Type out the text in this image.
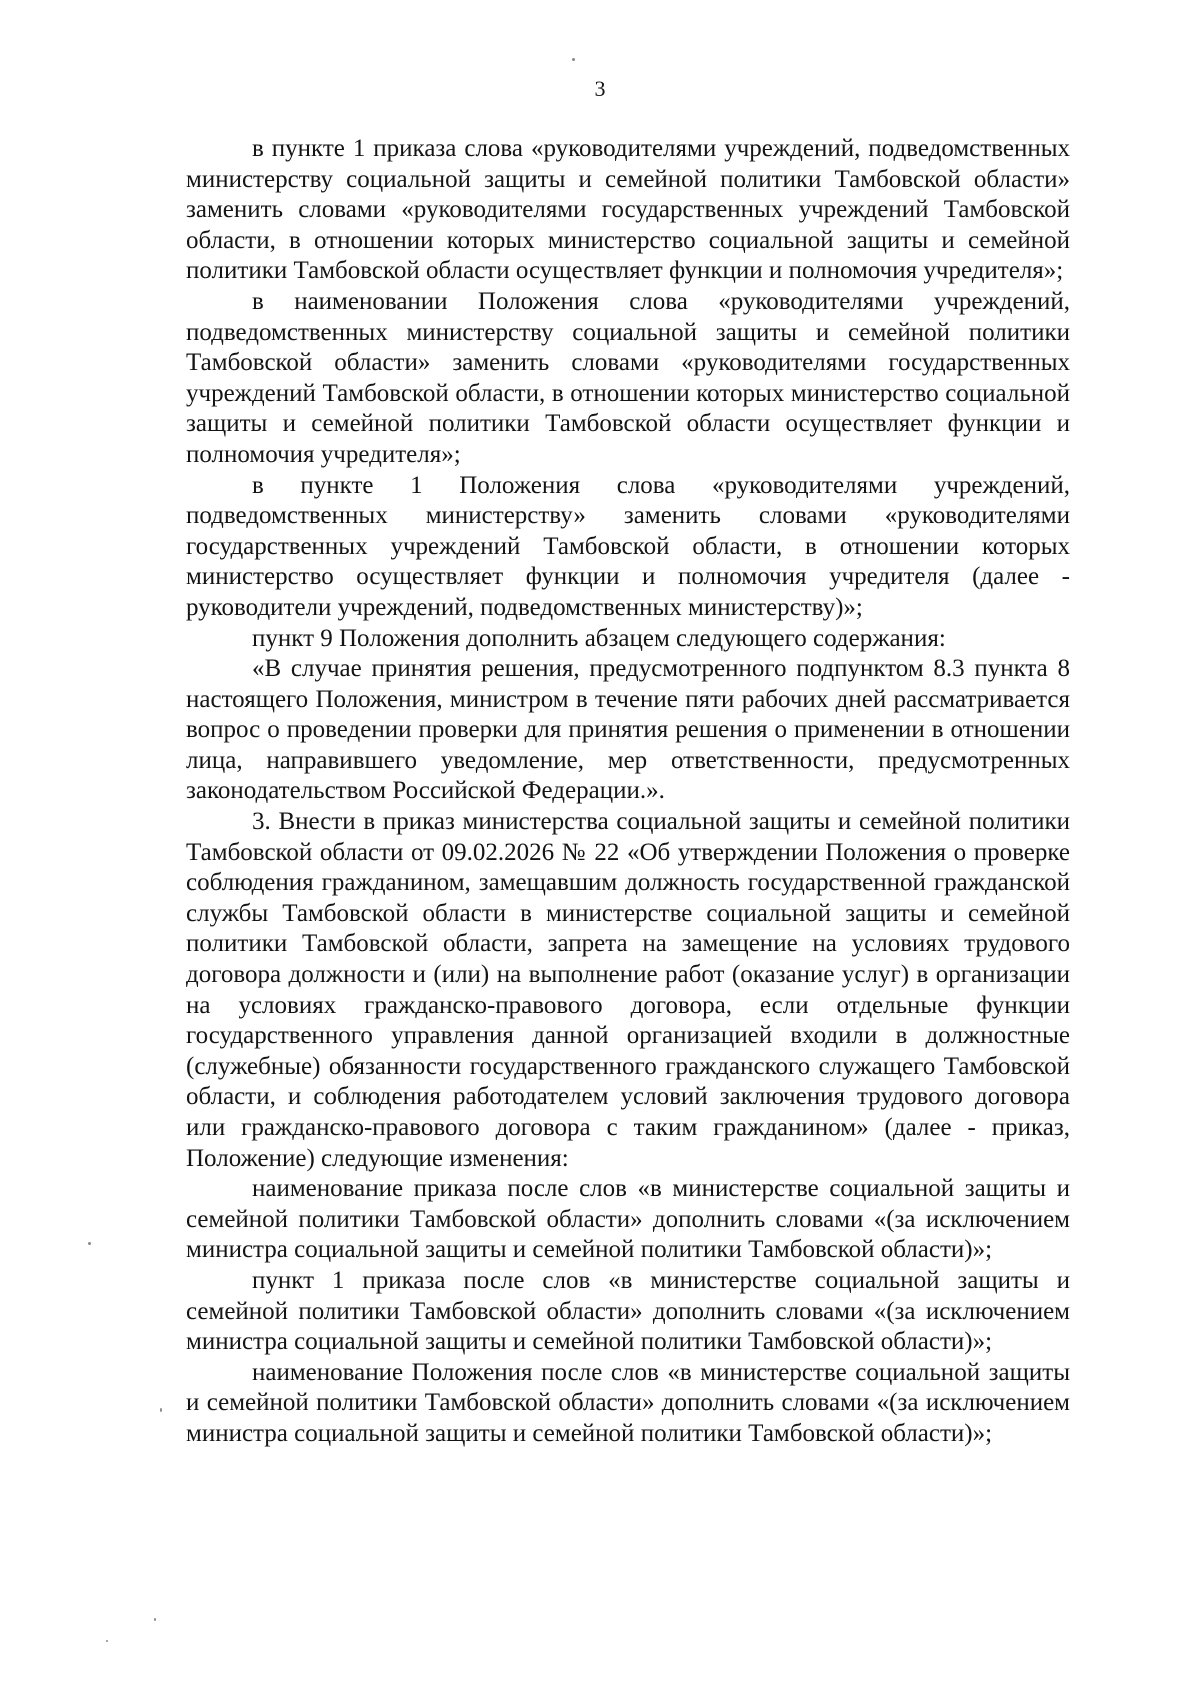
3

в пункте 1 приказа слова «руководителями учреждений, подведомственных министерству социальной защиты и семейной политики Тамбовской области» заменить словами «руководителями государственных учреждений Тамбовской области, в отношении которых министерство социальной защиты и семейной политики Тамбовской области осуществляет функции и полномочия учредителя»;

в наименовании Положения слова «руководителями учреждений, подведомственных министерству социальной защиты и семейной политики Тамбовской области» заменить словами «руководителями государственных учреждений Тамбовской области, в отношении которых министерство социальной защиты и семейной политики Тамбовской области осуществляет функции и полномочия учредителя»;

в пункте 1 Положения слова «руководителями учреждений, подведомственных министерству» заменить словами «руководителями государственных учреждений Тамбовской области, в отношении которых министерство осуществляет функции и полномочия учредителя (далее - руководители учреждений, подведомственных министерству)»;

пункт 9 Положения дополнить абзацем следующего содержания:

«В случае принятия решения, предусмотренного подпунктом 8.3 пункта 8 настоящего Положения, министром в течение пяти рабочих дней рассматривается вопрос о проведении проверки для принятия решения о применении в отношении лица, направившего уведомление, мер ответственности, предусмотренных законодательством Российской Федерации.».

3. Внести в приказ министерства социальной защиты и семейной политики Тамбовской области от 09.02.2026 № 22 «Об утверждении Положения о проверке соблюдения гражданином, замещавшим должность государственной гражданской службы Тамбовской области в министерстве социальной защиты и семейной политики Тамбовской области, запрета на замещение на условиях трудового договора должности и (или) на выполнение работ (оказание услуг) в организации на условиях гражданско-правового договора, если отдельные функции государственного управления данной организацией входили в должностные (служебные) обязанности государственного гражданского служащего Тамбовской области, и соблюдения работодателем условий заключения трудового договора или гражданско-правового договора с таким гражданином» (далее - приказ, Положение) следующие изменения:

наименование приказа после слов «в министерстве социальной защиты и семейной политики Тамбовской области» дополнить словами «(за исключением министра социальной защиты и семейной политики Тамбовской области)»;

пункт 1 приказа после слов «в министерстве социальной защиты и семейной политики Тамбовской области» дополнить словами «(за исключением министра социальной защиты и семейной политики Тамбовской области)»;

наименование Положения после слов «в министерстве социальной защиты и семейной политики Тамбовской области» дополнить словами «(за исключением министра социальной защиты и семейной политики Тамбовской области)»;
